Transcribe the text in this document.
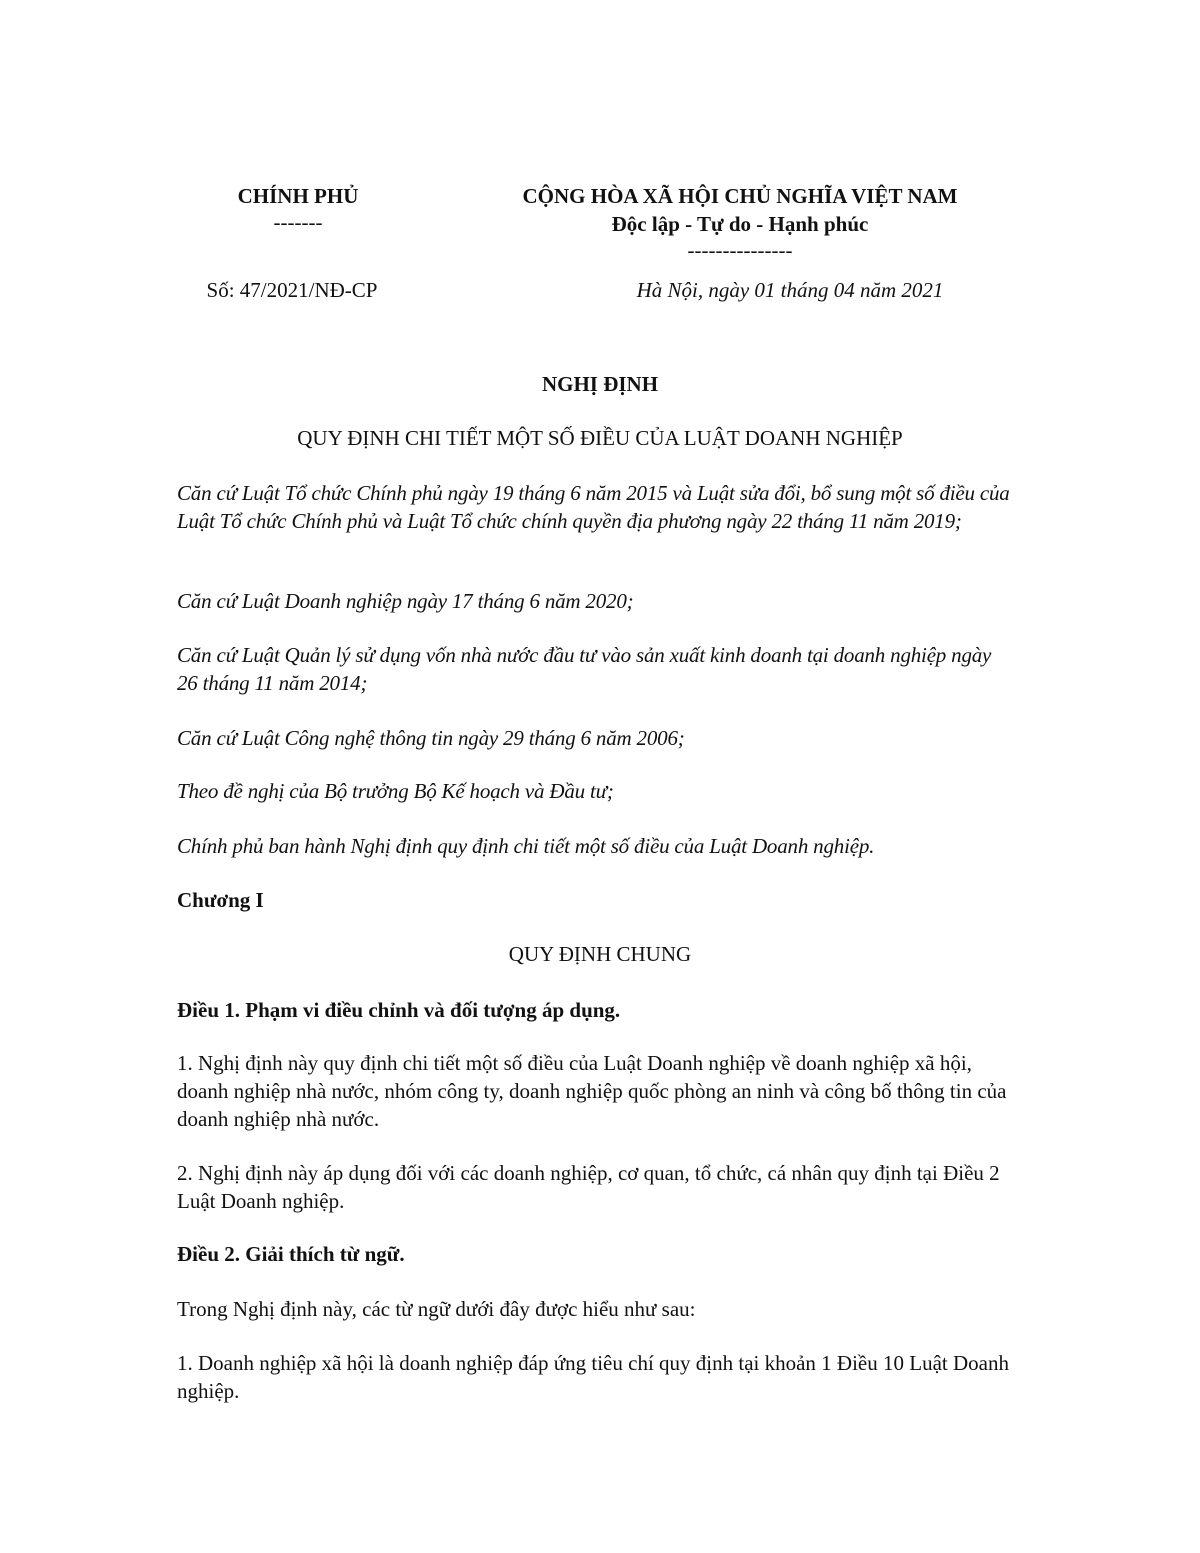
CHÍNH PHỦ
-------
Số: 47/2021/NĐ-CP
CỘNG HÒA XÃ HỘI CHỦ NGHĨA VIỆT NAM
Độc lập - Tự do - Hạnh phúc
---------------
Hà Nội, ngày 01 tháng 04 năm 2021
NGHỊ ĐỊNH
QUY ĐỊNH CHI TIẾT MỘT SỐ ĐIỀU CỦA LUẬT DOANH NGHIỆP

Căn cứ Luật Tổ chức Chính phủ ngày 19 tháng 6 năm 2015 và Luật sửa đổi, bổ sung một số điều của Luật Tổ chức Chính phủ và Luật Tổ chức chính quyền địa phương ngày 22 tháng 11 năm 2019;

Căn cứ Luật Doanh nghiệp ngày 17 tháng 6 năm 2020;

Căn cứ Luật Quản lý sử dụng vốn nhà nước đầu tư vào sản xuất kinh doanh tại doanh nghiệp ngày 26 tháng 11 năm 2014;

Căn cứ Luật Công nghệ thông tin ngày 29 tháng 6 năm 2006;

Theo đề nghị của Bộ trưởng Bộ Kế hoạch và Đầu tư;

Chính phủ ban hành Nghị định quy định chi tiết một số điều của Luật Doanh nghiệp.

Chương I
QUY ĐỊNH CHUNG
Điều 1. Phạm vi điều chỉnh và đối tượng áp dụng.

1. Nghị định này quy định chi tiết một số điều của Luật Doanh nghiệp về doanh nghiệp xã hội, doanh nghiệp nhà nước, nhóm công ty, doanh nghiệp quốc phòng an ninh và công bố thông tin của doanh nghiệp nhà nước.

2. Nghị định này áp dụng đối với các doanh nghiệp, cơ quan, tổ chức, cá nhân quy định tại Điều 2 Luật Doanh nghiệp.

Điều 2. Giải thích từ ngữ.

Trong Nghị định này, các từ ngữ dưới đây được hiểu như sau:

1. Doanh nghiệp xã hội là doanh nghiệp đáp ứng tiêu chí quy định tại khoản 1 Điều 10 Luật Doanh nghiệp.
